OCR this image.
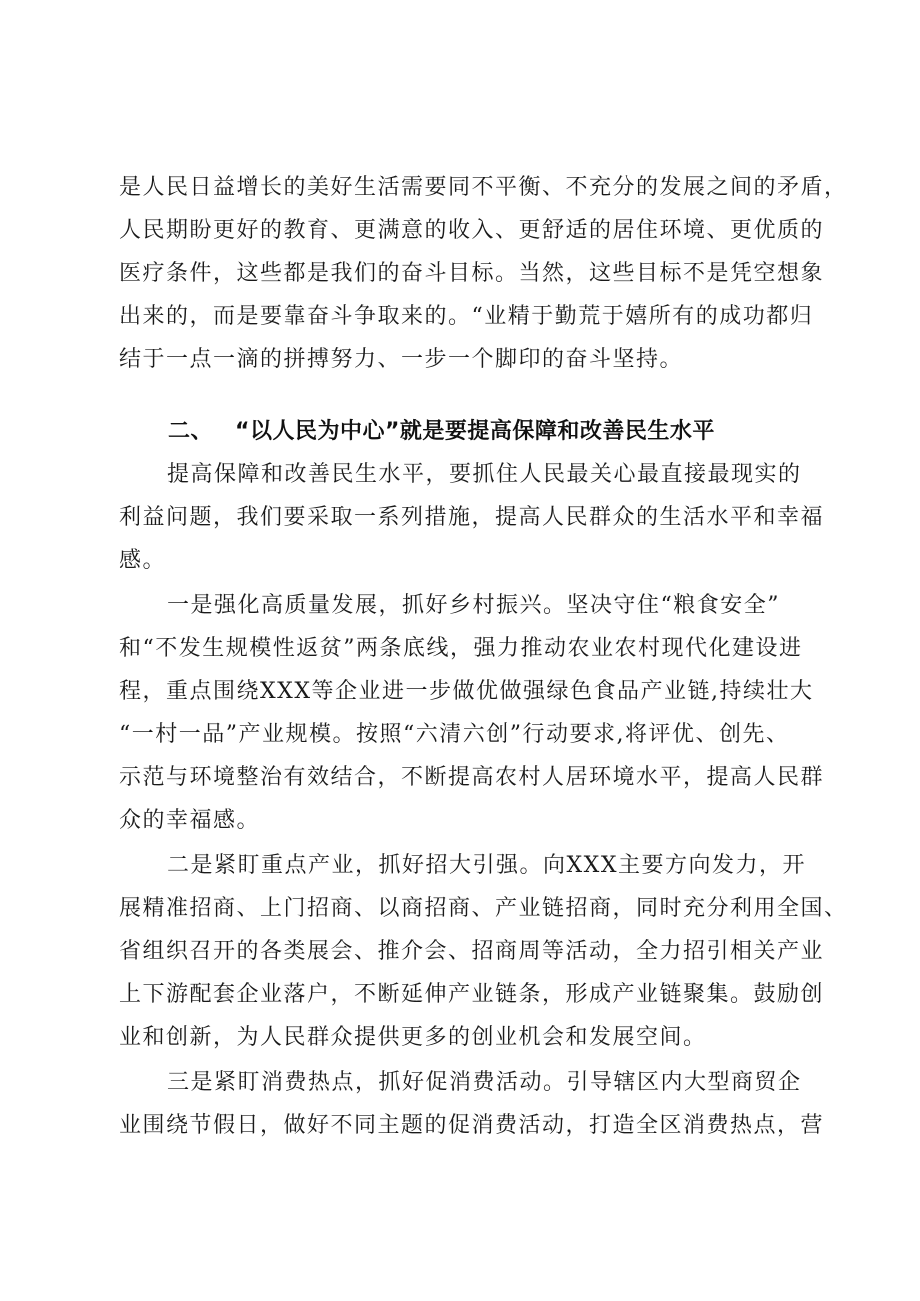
是人民日益增长的美好生活需要同不平衡、不充分的发展之间的矛盾，
人民期盼更好的教育、更满意的收入、更舒适的居住环境、更优质的
医疗条件，这些都是我们的奋斗目标。当然，这些目标不是凭空想象
出来的，而是要靠奋斗争取来的。“业精于勤荒于嬉所有的成功都归
结于一点一滴的拼搏努力、一步一个脚印的奋斗坚持。
二、 “以人民为中心”就是要提高保障和改善民生水平
提高保障和改善民生水平，要抓住人民最关心最直接最现实的
利益问题，我们要采取一系列措施，提高人民群众的生活水平和幸福
感。
一是强化高质量发展，抓好乡村振兴。坚决守住“粮食安全”
和“不发生规模性返贫”两条底线，强力推动农业农村现代化建设进
程，重点围绕XXX等企业进一步做优做强绿色食品产业链,持续壮大
“一村一品”产业规模。按照“六清六创”行动要求,将评优、创先、
示范与环境整治有效结合，不断提高农村人居环境水平，提高人民群
众的幸福感。
二是紧盯重点产业，抓好招大引强。向XXX主要方向发力，开
展精准招商、上门招商、以商招商、产业链招商，同时充分利用全国、
省组织召开的各类展会、推介会、招商周等活动，全力招引相关产业
上下游配套企业落户，不断延伸产业链条，形成产业链聚集。鼓励创
业和创新，为人民群众提供更多的创业机会和发展空间。
三是紧盯消费热点，抓好促消费活动。引导辖区内大型商贸企
业围绕节假日，做好不同主题的促消费活动，打造全区消费热点，营
